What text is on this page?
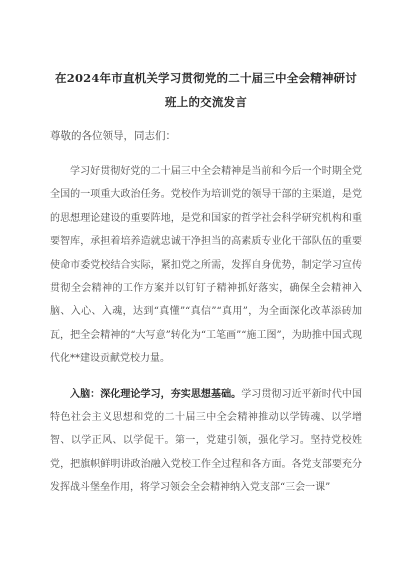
在2024年市直机关学习贯彻党的二十届三中全会精神研讨
班上的交流发言

尊敬的各位领导，同志们：

学习好贯彻好党的二十届三中全会精神是当前和今后一个时期全党全国的一项重大政治任务。党校作为培训党的领导干部的主渠道，是党的思想理论建设的重要阵地，是党和国家的哲学社会科学研究机构和重要智库，承担着培养造就忠诚干净担当的高素质专业化干部队伍的重要使命市委党校结合实际，紧扣党之所需，发挥自身优势，制定学习宣传贯彻全会精神的工作方案并以钉钉子精神抓好落实，确保全会精神入脑、入心、入魂，达到“真懂”“真信”“真用”，为全面深化改革添砖加瓦，把全会精神的“大写意”转化为“工笔画”“施工图”，为助推中国式现代化**建设贡献党校力量。

入脑：深化理论学习，夯实思想基础。学习贯彻习近平新时代中国特色社会主义思想和党的二十届三中全会精神推动以学铸魂、以学增智、以学正风、以学促干。第一，党建引领，强化学习。坚持党校姓党，把旗帜鲜明讲政治融入党校工作全过程和各方面。各党支部要充分发挥战斗堡垒作用，将学习领会全会精神纳入党支部“三会一课”
